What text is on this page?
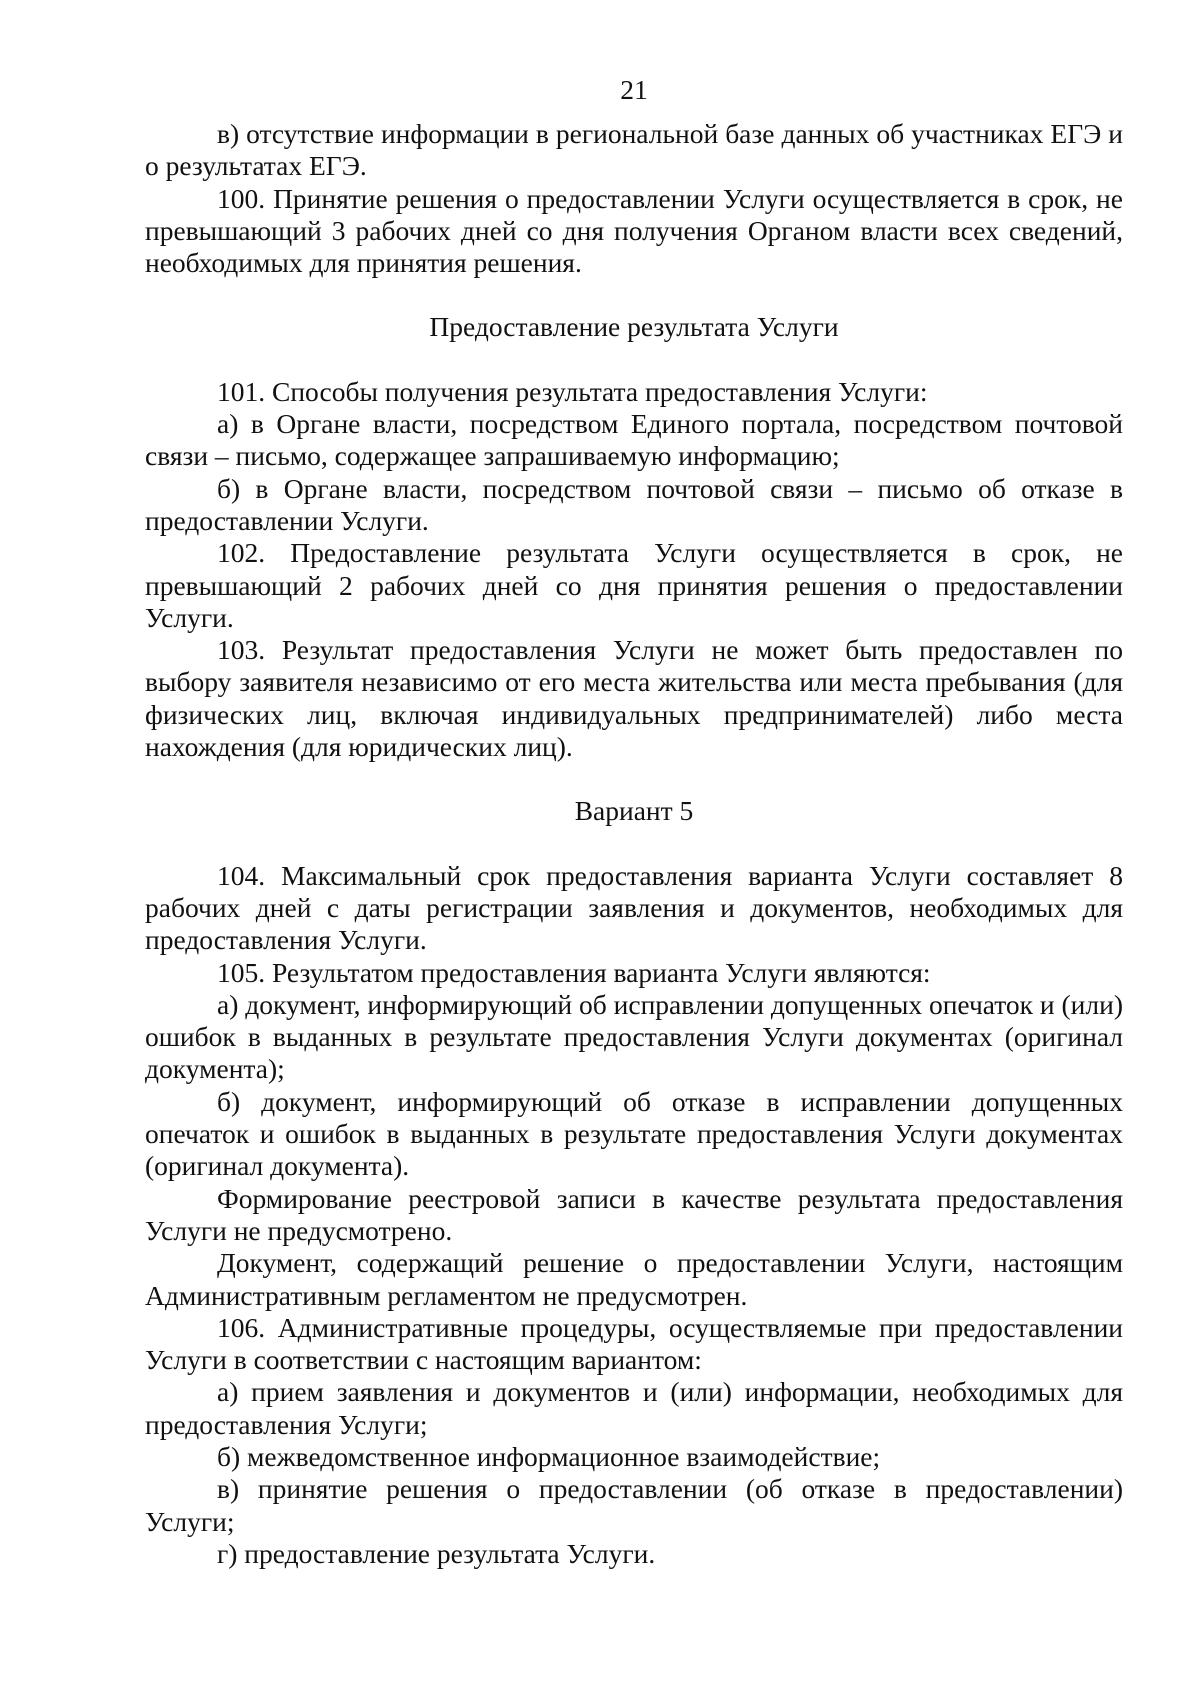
21

в) отсутствие информации в региональной базе данных об участниках ЕГЭ и о результатах ЕГЭ.

100. Принятие решения о предоставлении Услуги осуществляется в срок, не превышающий 3 рабочих дней со дня получения Органом власти всех сведений, необходимых для принятия решения.

Предоставление результата Услуги

101. Способы получения результата предоставления Услуги:

а) в Органе власти, посредством Единого портала, посредством почтовой связи – письмо, содержащее запрашиваемую информацию;

б) в Органе власти, посредством почтовой связи – письмо об отказе в предоставлении Услуги.

102. Предоставление результата Услуги осуществляется в срок, не превышающий 2 рабочих дней со дня принятия решения о предоставлении Услуги.

103. Результат предоставления Услуги не может быть предоставлен по выбору заявителя независимо от его места жительства или места пребывания (для физических лиц, включая индивидуальных предпринимателей) либо места нахождения (для юридических лиц).

Вариант 5

104. Максимальный срок предоставления варианта Услуги составляет 8 рабочих дней с даты регистрации заявления и документов, необходимых для предоставления Услуги.

105. Результатом предоставления варианта Услуги являются:

а) документ, информирующий об исправлении допущенных опечаток и (или) ошибок в выданных в результате предоставления Услуги документах (оригинал документа);

б) документ, информирующий об отказе в исправлении допущенных опечаток и ошибок в выданных в результате предоставления Услуги документах (оригинал документа).

Формирование реестровой записи в качестве результата предоставления Услуги не предусмотрено.

Документ, содержащий решение о предоставлении Услуги, настоящим Административным регламентом не предусмотрен.

106. Административные процедуры, осуществляемые при предоставлении Услуги в соответствии с настоящим вариантом:

а) прием заявления и документов и (или) информации, необходимых для предоставления Услуги;

б) межведомственное информационное взаимодействие;

в) принятие решения о предоставлении (об отказе в предоставлении) Услуги;

г) предоставление результата Услуги.
